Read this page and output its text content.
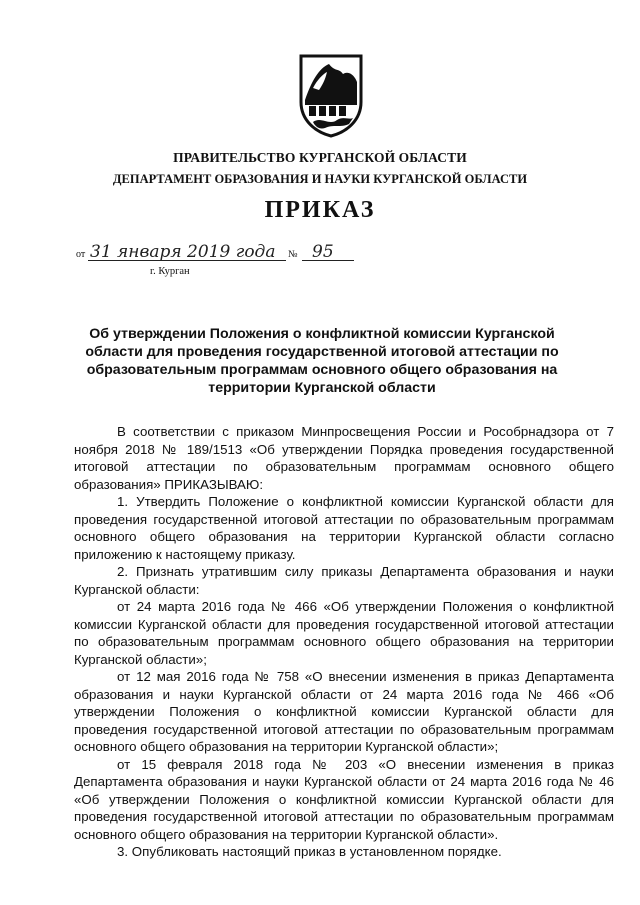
ПРАВИТЕЛЬСТВО КУРГАНСКОЙ ОБЛАСТИ
ДЕПАРТАМЕНТ ОБРАЗОВАНИЯ И НАУКИ КУРГАНСКОЙ ОБЛАСТИ
ПРИКАЗ
от 31 января 2019 года № 95
г. Курган
Об утверждении Положения о конфликтной комиссии Курганской области для проведения государственной итоговой аттестации по образовательным программам основного общего образования на территории Курганской области

В соответствии с приказом Минпросвещения России и Рособрнадзора от 7 ноября 2018 № 189/1513 «Об утверждении Порядка проведения государственной итоговой аттестации по образовательным программам основного общего образования» ПРИКАЗЫВАЮ:

1. Утвердить Положение о конфликтной комиссии Курганской области для проведения государственной итоговой аттестации по образовательным программам основного общего образования на территории Курганской области согласно приложению к настоящему приказу.

2. Признать утратившим силу приказы Департамента образования и науки Курганской области:

от 24 марта 2016 года № 466 «Об утверждении Положения о конфликтной комиссии Курганской области для проведения государственной итоговой аттестации по образовательным программам основного общего образования на территории Курганской области»;

от 12 мая 2016 года № 758 «О внесении изменения в приказ Департамента образования и науки Курганской области от 24 марта 2016 года № 466 «Об утверждении Положения о конфликтной комиссии Курганской области для проведения государственной итоговой аттестации по образовательным программам основного общего образования на территории Курганской области»;

от 15 февраля 2018 года № 203 «О внесении изменения в приказ Департамента образования и науки Курганской области от 24 марта 2016 года № 46 «Об утверждении Положения о конфликтной комиссии Курганской области для проведения государственной итоговой аттестации по образовательным программам основного общего образования на территории Курганской области».

3. Опубликовать настоящий приказ в установленном порядке.
